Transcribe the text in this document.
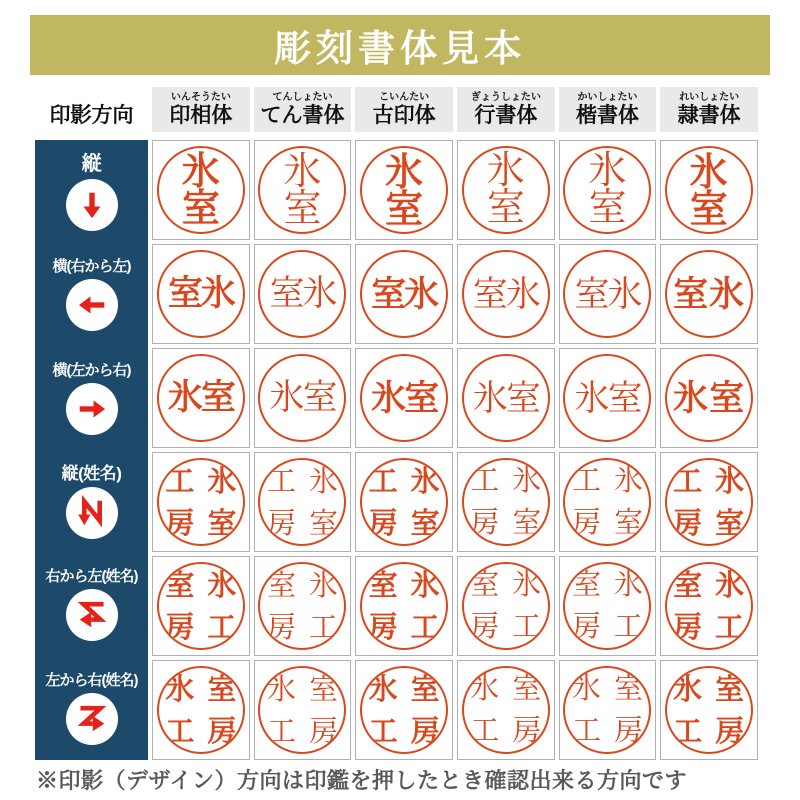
彫刻書体見本
印影方向
いんそうたい
印相体
てんしょたい
てん書体
こいんたい
古印体
ぎょうしょたい
行書体
かいしょたい
楷書体
れいしょたい
隷書体
縦
横(右から左)
横(左から右)
縦(姓名)
右から左(姓名)
左から右(姓名)
氷
室
氷
室
氷
室
氷
室
氷
室
氷
室
室 氷 室 氷 室 氷 室 氷 室 氷 室 氷
氷 室 氷 室 氷 室 氷 室 氷 室 氷 室
工 氷
房 室
工 氷
房 室
工 氷
房 室
工 氷
房 室
工 氷
房 室
工 氷
房 室
室 氷
房 工
室 氷
房 工
室 氷
房 工
室 氷
房 工
室 氷
房 工
室 氷
房 工
氷 室
工 房
氷 室
工 房
氷 室
工 房
氷 室
工 房
氷 室
工 房
氷 室
工 房
※印影（デザイン）方向は印鑑を押したとき確認出来る方向です
